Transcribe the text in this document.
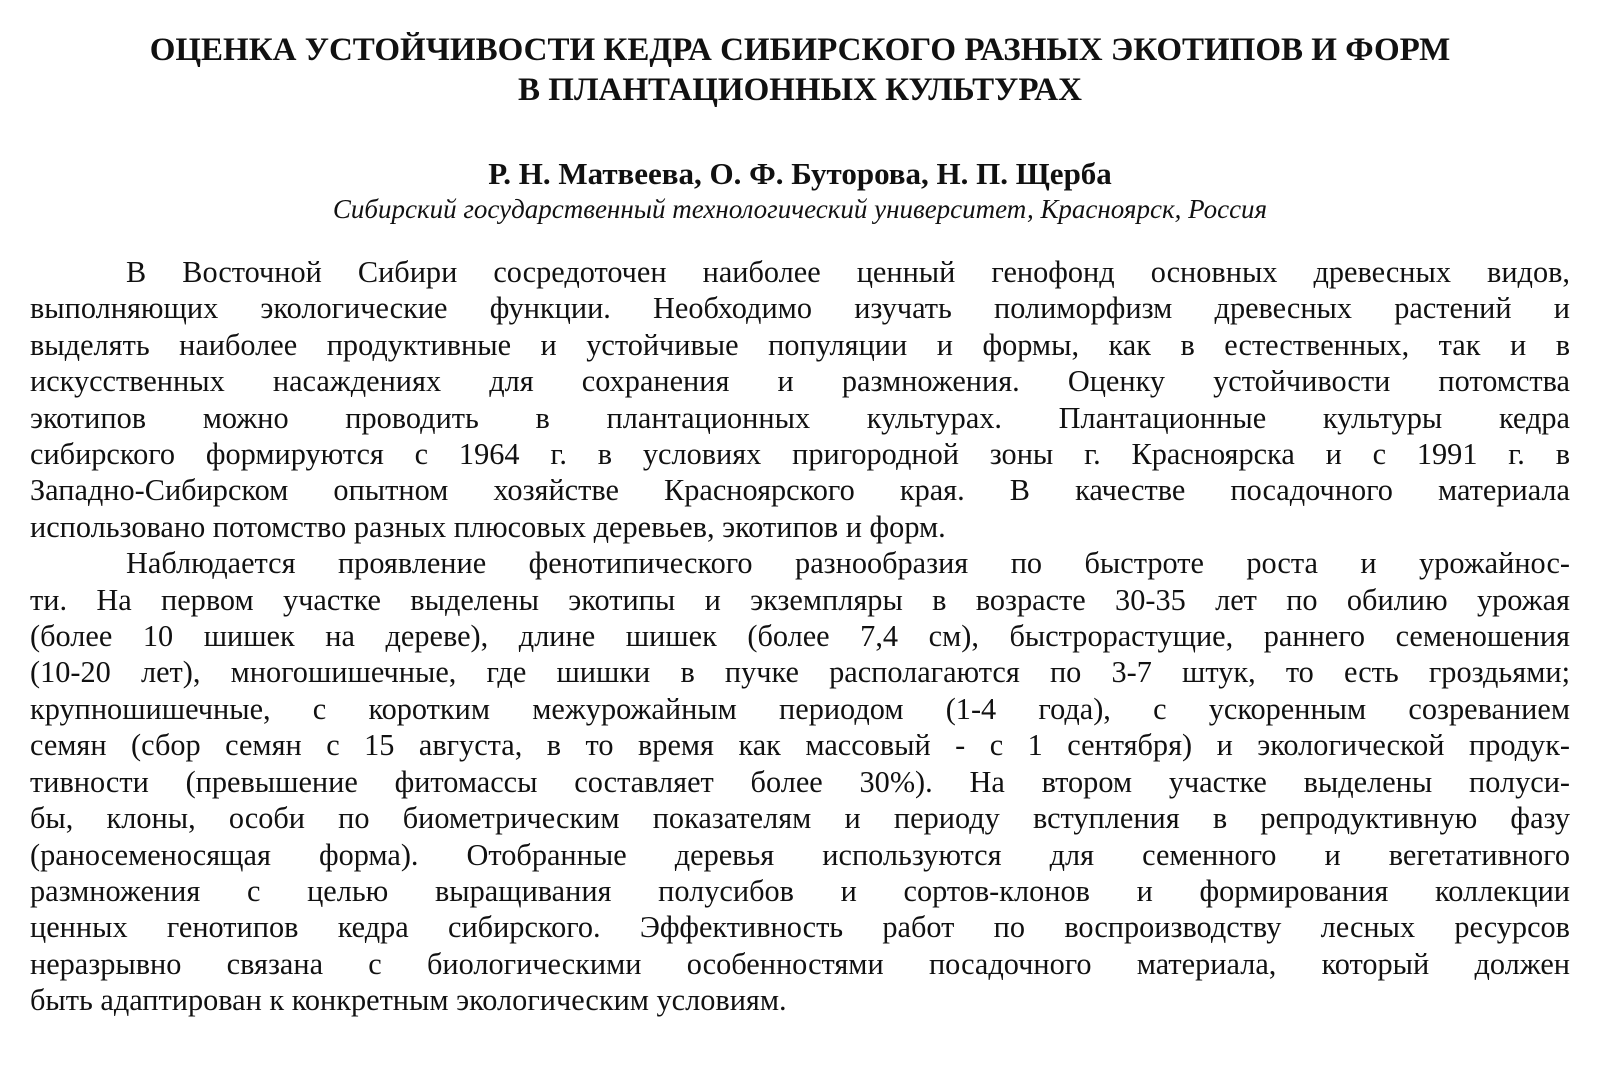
ОЦЕНКА УСТОЙЧИВОСТИ КЕДРА СИБИРСКОГО РАЗНЫХ ЭКОТИПОВ И ФОРМ
В ПЛАНТАЦИОННЫХ КУЛЬТУРАХ
Р. Н. Матвеева, О. Ф. Буторова, Н. П. Щерба
Сибирский государственный технологический университет, Красноярск, Россия

В Восточной Сибири сосредоточен наиболее ценный генофонд основных древесных видов,
выполняющих экологические функции. Необходимо изучать полиморфизм древесных растений и
выделять наиболее продуктивные и устойчивые популяции и формы, как в естественных, так и в
искусственных насаждениях для сохранения и размножения. Оценку устойчивости потомства
экотипов можно проводить в плантационных культурах. Плантационные культуры кедра
сибирского формируются с 1964 г. в условиях пригородной зоны г. Красноярска и с 1991 г. в
Западно-Сибирском опытном хозяйстве Красноярского края. В качестве посадочного материала
использовано потомство разных плюсовых деревьев, экотипов и форм.

Наблюдается проявление фенотипического разнообразия по быстроте роста и урожайнос-
ти. На первом участке выделены экотипы и экземпляры в возрасте 30-35 лет по обилию урожая
(более 10 шишек на дереве), длине шишек (более 7,4 см), быстрорастущие, раннего семеношения
(10-20 лет), многошишечные, где шишки в пучке располагаются по 3-7 штук, то есть гроздьями;
крупношишечные, с коротким межурожайным периодом (1-4 года), с ускоренным созреванием
семян (сбор семян с 15 августа, в то время как массовый - с 1 сентября) и экологической продук-
тивности (превышение фитомассы составляет более 30%). На втором участке выделены полуси-
бы, клоны, особи по биометрическим показателям и периоду вступления в репродуктивную фазу
(раносеменосящая форма). Отобранные деревья используются для семенного и вегетативного
размножения с целью выращивания полусибов и сортов-клонов и формирования коллекции
ценных генотипов кедра сибирского. Эффективность работ по воспроизводству лесных ресурсов
неразрывно связана с биологическими особенностями посадочного материала, который должен
быть адаптирован к конкретным экологическим условиям.
